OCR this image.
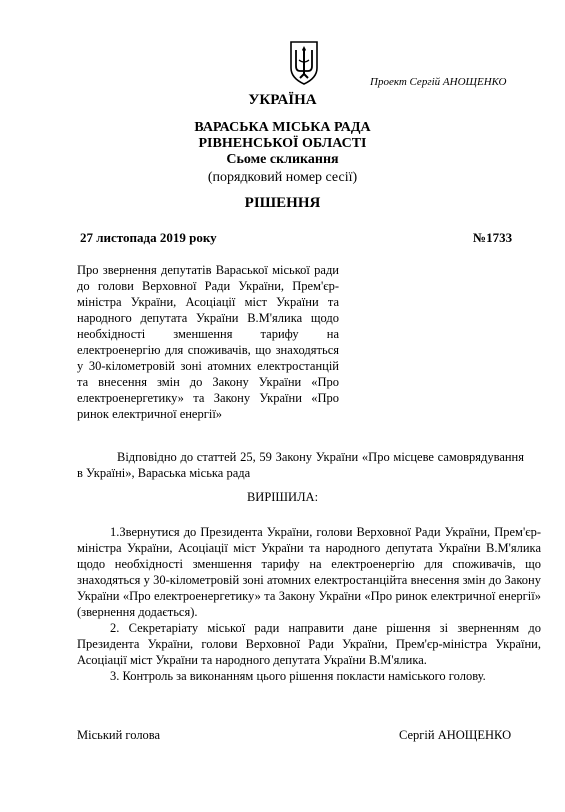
Проект Сергій АНОЩЕНКО
УКРАЇНА
ВАРАСЬКА МІСЬКА РАДА
РІВНЕНСЬКОЇ ОБЛАСТІ
Сьоме скликання
(порядковий номер сесії)
РІШЕННЯ
27 листопада 2019 року	№1733
Про звернення депутатів Вараської міської ради до голови Верховної Ради України, Прем'єр-міністра України, Асоціації міст України та народного депутата України В.М'ялика щодо необхідності зменшення тарифу на електроенергію для споживачів, що знаходяться у 30-кілометровій зоні атомних електростанцій та внесення змін до Закону України «Про електроенергетику» та Закону України «Про ринок електричної енергії»
Відповідно до статтей 25, 59 Закону України «Про місцеве самоврядування в Україні», Вараська міська рада
ВИРІШИЛА:

1.Звернутися до Президента України, голови Верховної Ради України, Прем'єр-міністра України, Асоціації міст України та народного депутата України В.М'ялика щодо необхідності зменшення тарифу на електроенергію для споживачів, що знаходяться у 30-кілометровій зоні атомних електростанційта внесення змін до Закону України «Про електроенергетику» та Закону України «Про ринок електричної енергії» (звернення додається).

2. Секретаріату міської ради направити дане рішення зі зверненням до Президента України, голови Верховної Ради України, Прем'єр-міністра України, Асоціації міст України та народного депутата України В.М'ялика.

3. Контроль за виконанням цього рішення покласти наміського голову.

Міський голова	Сергій АНОЩЕНКО
